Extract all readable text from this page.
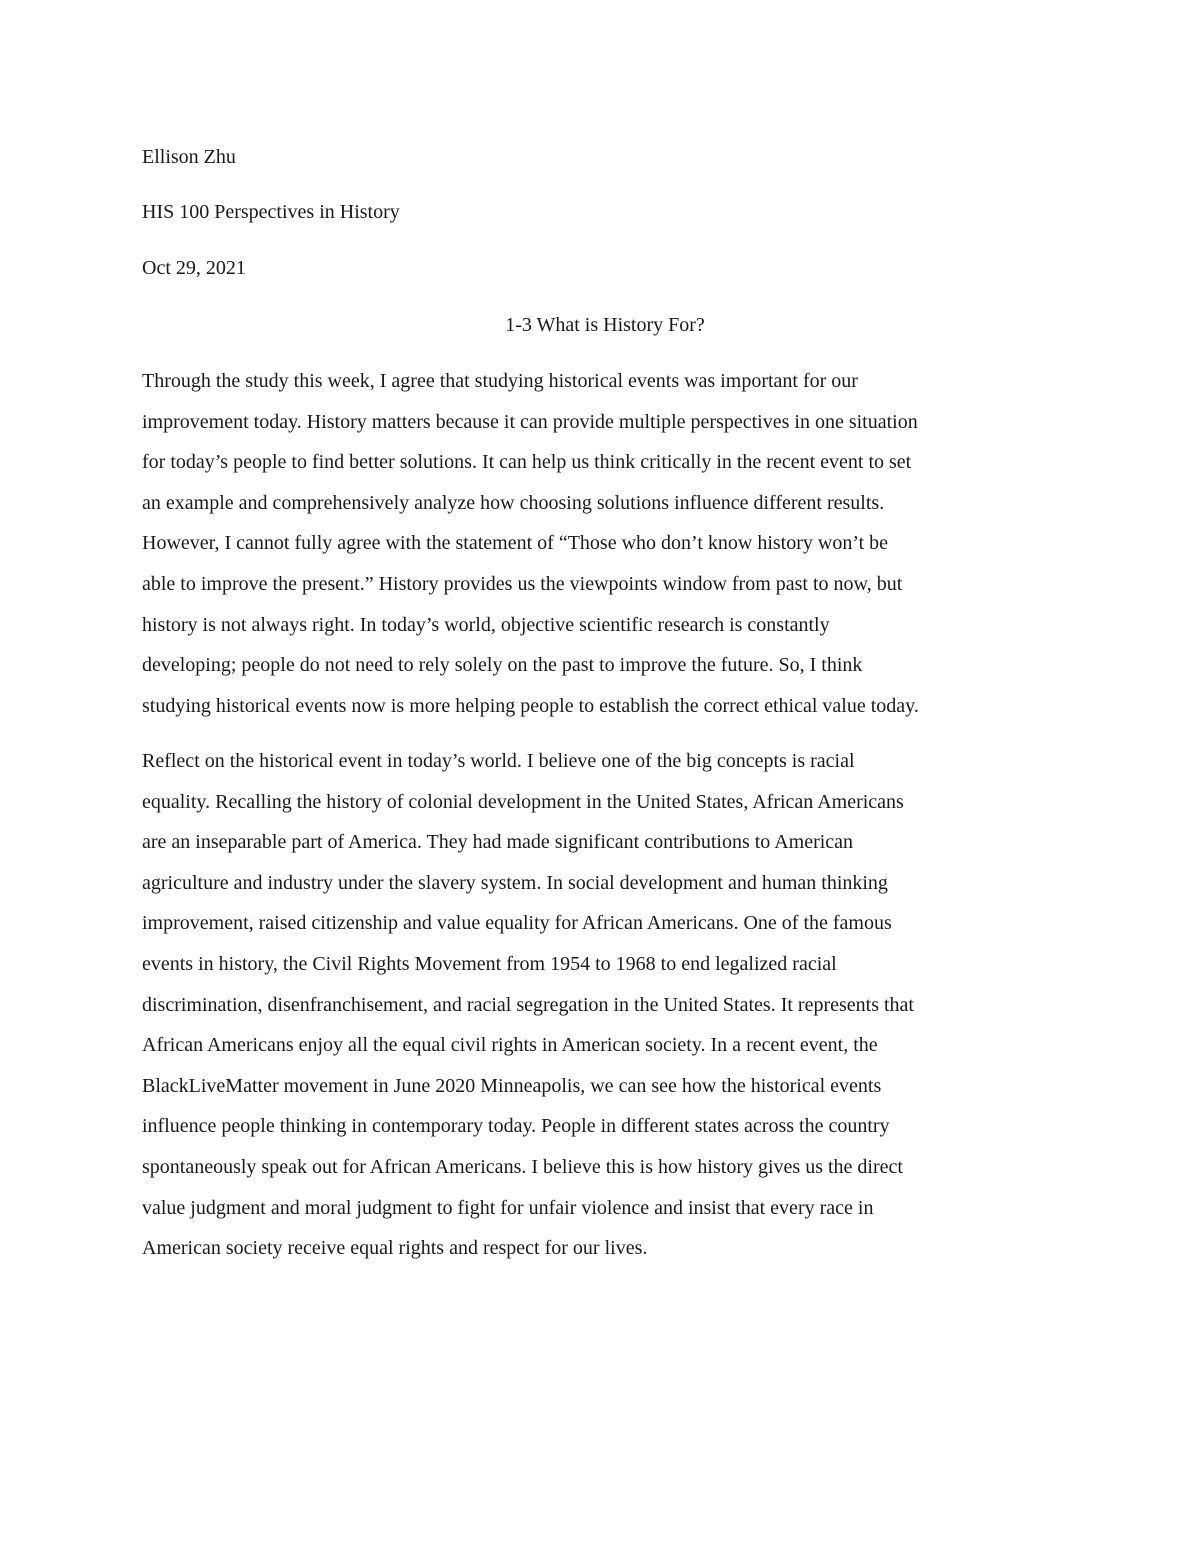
Ellison Zhu
HIS 100 Perspectives in History
Oct 29, 2021
1-3 What is History For?
Through the study this week, I agree that studying historical events was important for our
improvement today. History matters because it can provide multiple perspectives in one situation
for today’s people to find better solutions. It can help us think critically in the recent event to set
an example and comprehensively analyze how choosing solutions influence different results.
However, I cannot fully agree with the statement of “Those who don’t know history won’t be
able to improve the present.” History provides us the viewpoints window from past to now, but
history is not always right. In today’s world, objective scientific research is constantly
developing; people do not need to rely solely on the past to improve the future. So, I think
studying historical events now is more helping people to establish the correct ethical value today.
Reflect on the historical event in today’s world. I believe one of the big concepts is racial
equality. Recalling the history of colonial development in the United States, African Americans
are an inseparable part of America. They had made significant contributions to American
agriculture and industry under the slavery system. In social development and human thinking
improvement, raised citizenship and value equality for African Americans. One of the famous
events in history, the Civil Rights Movement from 1954 to 1968 to end legalized racial
discrimination, disenfranchisement, and racial segregation in the United States. It represents that
African Americans enjoy all the equal civil rights in American society. In a recent event, the
BlackLiveMatter movement in June 2020 Minneapolis, we can see how the historical events
influence people thinking in contemporary today. People in different states across the country
spontaneously speak out for African Americans. I believe this is how history gives us the direct
value judgment and moral judgment to fight for unfair violence and insist that every race in
American society receive equal rights and respect for our lives.
